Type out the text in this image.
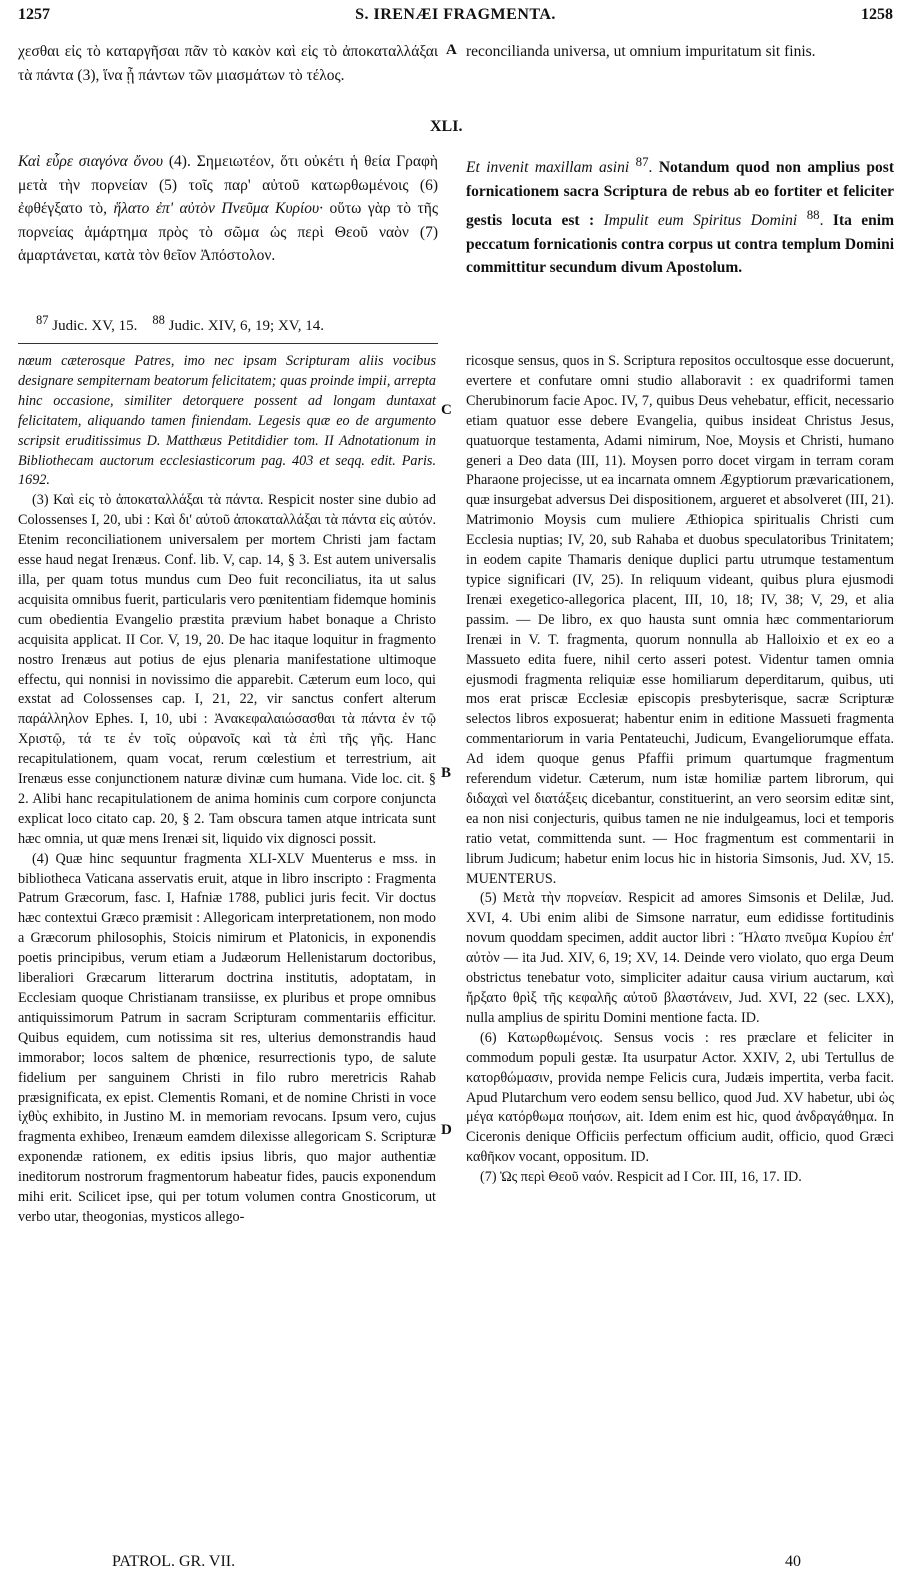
1257	S. IRENÆI FRAGMENTA.	1258
χεσθαι εἰς τὸ καταργῆσαι πᾶν τὸ κακὸν καὶ εἰς τὸ ἀποκαταλλάξαι τὰ πάντα (3), ἵνα ᾖ πάντων τῶν μιασμάτων τὸ τέλος.
A reconcilianda universa, ut omnium impuritatum sit finis.
XLI.
Καὶ εὗρε σιαγόνα ὄνου (4). Σημειωτέον, ὅτι οὐκέτι ἡ θεία Γραφὴ μετὰ τὴν πορνείαν (5) τοῖς παρ' αὐτοῦ κατωρθωμένοις (6) ἐφθέγξατο τὸ, ἥλατο ἐπ' αὐτὸν Πνεῦμα Κυρίου· οὕτω γὰρ τὸ τῆς πορνείας ἁμάρτημα πρὸς τὸ σῶμα ὡς περὶ Θεοῦ ναὸν (7) ἁμαρτάνεται, κατὰ τὸν θεῖον Ἀπόστολον.
Et invenit maxillam asini $^{87}$. Notandum quod non amplius post fornicationem sacra Scriptura de rebus ab eo fortiter et feliciter gestis locuta est : Impulit eum Spiritus Domini $^{88}$. Ita enim peccatum fornicationis contra corpus ut contra templum Domini committitur secundum divum Apostolum.
$^{87}$ Judic. XV, 15. $^{88}$ Judic. XIV, 6, 19; XV, 14.

nœum cæterosque Patres, imo nec ipsam Scripturam aliis vocibus designare sempiternam beatorum felicitatem; quas proinde impii, arrepta hinc occasione, similiter detorquere possent ad longam duntaxat felicitatem, aliquando tamen finiendam. Legesis quæ eo de argumento scripsit eruditissimus D. Matthæus Petitdidier tom. II Adnotationum in Bibliothecam auctorum ecclesiasticorum pag. 403 et seqq. edit. Paris. 1692.

(3) Καὶ εἰς τὸ ἀποκαταλλάξαι τὰ πάντα. Respicit noster sine dubio ad Colossenses I, 20, ubi : Καὶ δι' αὐτοῦ ἀποκαταλλάξαι τὰ πάντα εἰς αὐτόν. Etenim reconciliationem universalem per mortem Christi jam factam esse haud negat Irenæus. Conf. lib. V, cap. 14, § 3. Est autem universalis illa, per quam totus mundus cum Deo fuit reconciliatus, ita ut salus acquisita omnibus fuerit, particularis vero pœnitentiam fidemque hominis cum obedientia Evangelio præstita prævium habet bonaque a Christo acquisita applicat. II Cor. V, 19, 20. De hac itaque loquitur in fragmento nostro Irenæus aut potius de ejus plenaria manifestatione ultimoque effectu, qui nonnisi in novissimo die apparebit. Cæterum eum loco, qui exstat ad Colossenses cap. I, 21, 22, vir sanctus confert alterum παράλληλον Ephes. I, 10, ubi : Ἀνακεφαλαιώσασθαι τὰ πάντα ἐν τῷ Χριστῷ, τά τε ἐν τοῖς οὐρανοῖς καὶ τὰ ἐπὶ τῆς γῆς. Hanc recapitulationem, quam vocat, rerum cœlestium et terrestrium, ait Irenæus esse conjunctionem naturæ divinæ cum humana. Vide loc. cit. § 2. Alibi hanc recapitulationem de anima hominis cum corpore conjuncta explicat loco citato cap. 20, § 2. Tam obscura tamen atque intricata sunt hæc omnia, ut quæ mens Irenæi sit, liquido vix dignosci possit.

(4) Quæ hinc sequuntur fragmenta XLI-XLV Muenterus e mss. in bibliotheca Vaticana asservatis eruit, atque in libro inscripto : Fragmenta Patrum Græcorum, fasc. I, Hafniæ 1788, publici juris fecit. Vir doctus hæc contextui Græco præmisit : Allegoricam interpretationem, non modo a Græcorum philosophis, Stoicis nimirum et Platonicis, in exponendis poetis principibus, verum etiam a Judæorum Hellenistarum doctoribus, liberaliori Græcarum litterarum doctrina institutis, adoptatam, in Ecclesiam quoque Christianam transiisse, ex pluribus et prope omnibus antiquissimorum Patrum in sacram Scripturam commentariis efficitur. Quibus equidem, cum notissima sit res, ulterius demonstrandis haud immorabor; locos saltem de phœnice, resurrectionis typo, de salute fidelium per sanguinem Christi in filo rubro meretricis Rahab præsignificata, ex epist. Clementis Romani, et de nomine Christi in voce ἰχθὺς exhibito, in Justino M. in memoriam revocans. Ipsum vero, cujus fragmenta exhibeo, Irenæum eamdem dilexisse allegoricam S. Scripturæ exponendæ rationem, ex editis ipsius libris, quo major authentiæ ineditorum nostrorum fragmentorum habeatur fides, paucis exponendum mihi erit. Scilicet ipse, qui per totum volumen contra Gnosticorum, ut verbo utar, theogonias, mysticos allego-

C
B
D

ricosque sensus, quos in S. Scriptura repositos occultosque esse docuerunt, evertere et confutare omni studio allaboravit : ex quadriformi tamen Cherubinorum facie Apoc. IV, 7, quibus Deus vehebatur, efficit, necessario etiam quatuor esse debere Evangelia, quibus insideat Christus Jesus, quatuorque testamenta, Adami nimirum, Noe, Moysis et Christi, humano generi a Deo data (III, 11). Moysen porro docet virgam in terram coram Pharaone projecisse, ut ea incarnata omnem Ægyptiorum prævaricationem, quæ insurgebat adversus Dei dispositionem, argueret et absolveret (III, 21). Matrimonio Moysis cum muliere Æthiopica spiritualis Christi cum Ecclesia nuptias; IV, 20, sub Rahaba et duobus speculatoribus Trinitatem; in eodem capite Thamaris denique duplici partu utrumque testamentum typice significari (IV, 25). In reliquum videant, quibus plura ejusmodi Irenæi exegetico-allegorica placent, III, 10, 18; IV, 38; V, 29, et alia passim. — De libro, ex quo hausta sunt omnia hæc commentariorum Irenæi in V. T. fragmenta, quorum nonnulla ab Halloixio et ex eo a Massueto edita fuere, nihil certo asseri potest. Videntur tamen omnia ejusmodi fragmenta reliquiæ esse homiliarum deperditarum, quibus, uti mos erat priscæ Ecclesiæ episcopis presbyterisque, sacræ Scripturæ selectos libros exposuerat; habentur enim in editione Massueti fragmenta commentariorum in varia Pentateuchi, Judicum, Evangeliorumque effata. Ad idem quoque genus Pfaffii primum quartumque fragmentum referendum videtur. Cæterum, num istæ homiliæ partem librorum, qui διδαχαὶ vel διατάξεις dicebantur, constituerint, an vero seorsim editæ sint, ea non nisi conjecturis, quibus tamen ne nie indulgeamus, loci et temporis ratio vetat, committenda sunt. — Hoc fragmentum est commentarii in librum Judicum; habetur enim locus hic in historia Simsonis, Jud. XV, 15. MUENTERUS.

(5) Μετὰ τὴν πορνείαν. Respicit ad amores Simsonis et Delilæ, Jud. XVI, 4. Ubi enim alibi de Simsone narratur, eum edidisse fortitudinis novum quoddam specimen, addit auctor libri : Ἥλατο πνεῦμα Κυρίου ἐπ' αὐτὸν — ita Jud. XIV, 6, 19; XV, 14. Deinde vero violato, quo erga Deum obstrictus tenebatur voto, simpliciter adaitur causa virium auctarum, καὶ ἤρξατο θρὶξ τῆς κεφαλῆς αὐτοῦ βλαστάνειν, Jud. XVI, 22 (sec. LXX), nulla amplius de spiritu Domini mentione facta. ID.

(6) Κατωρθωμένοις. Sensus vocis : res præclare et feliciter in commodum populi gestæ. Ita usurpatur Actor. XXIV, 2, ubi Tertullus de κατορθώμασιν, provida nempe Felicis cura, Judæis impertita, verba facit. Apud Plutarchum vero eodem sensu bellico, quod Jud. XV habetur, ubi ὡς μέγα κατόρθωμα ποιήσων, ait. Idem enim est hic, quod ἀνδραγάθημα. In Ciceronis denique Officiis perfectum officium audit, officio, quod Græci καθῆκον vocant, oppositum. ID.

(7) Ὡς περὶ Θεοῦ ναόν. Respicit ad I Cor. III, 16, 17. ID.

PATROL. GR. VII.	40
